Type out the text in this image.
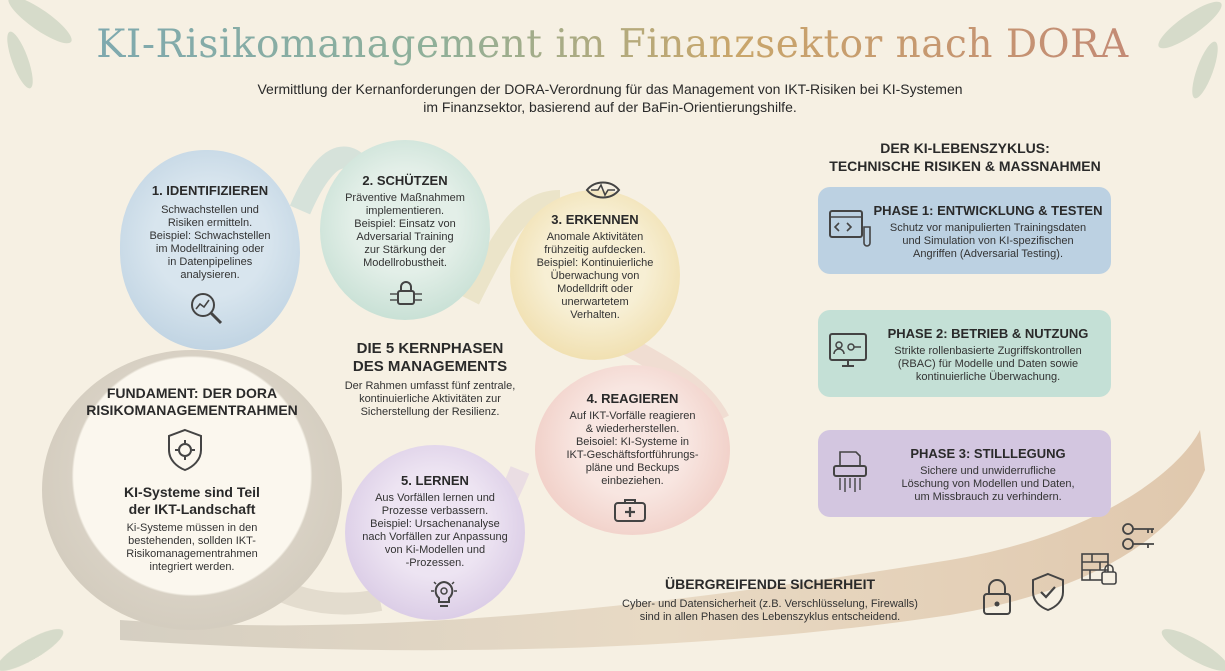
KI-Risikomanagement im Finanzsektor nach DORA
Vermittlung der Kernanforderungen der DORA-Verordnung für das Management von IKT-Risiken bei KI-Systemen
im Finanzsektor, basierend auf der BaFin-Orientierungshilfe.
FUNDAMENT: DER DORA
RISIKOMANAGEMENTRAHMEN
KI-Systeme sind Teil
der IKT-Landschaft
Ki-Systeme müssen in den
bestehenden, sollden IKT-
Risikomanagementrahmen
integriert werden.
1. IDENTIFIZIEREN
Schwachstellen und
Risiken ermitteln.
Beispiel: Schwachstellen
im Modelltraining oder
in Datenpipelines
analysieren.
2. SCHÜTZEN
Präventive Maßnahmem
implementieren.
Beispiel: Einsatz von
Adversarial Training
zur Stärkung der
Modellrobustheit.
3. ERKENNEN
Anomale Aktivitäten
frühzeitig aufdecken.
Beispiel: Kontinuierliche
Überwachung von
Modelldrift oder
unerwartetem
Verhalten.
4. REAGIEREN
Auf IKT-Vorfälle reagieren
& wiederherstellen.
Beisoiel: KI-Systeme in
IKT-Geschäftsfortführungs-
pläne und Beckups
einbeziehen.
5. LERNEN
Aus Vorfällen lernen und
Prozesse verbassern.
Beispiel: Ursachenanalyse
nach Vorfällen zur Anpassung
von Ki-Modellen und
-Prozessen.
DIE 5 KERNPHASEN
DES MANAGEMENTS
Der Rahmen umfasst fünf zentrale,
kontinuierliche Aktivitäten zur
Sicherstellung der Resilienz.
DER KI-LEBENSZYKLUS:
TECHNISCHE RISIKEN & MASSNAHMEN
PHASE 1: ENTWICKLUNG & TESTEN
Schutz vor manipulierten Trainingsdaten
und Simulation von KI-spezifischen
Angriffen (Adversarial Testing).
PHASE 2: BETRIEB & NUTZUNG
Strikte rollenbasierte Zugriffskontrollen
(RBAC) für Modelle und Daten sowie
kontinuierliche Überwachung.
PHASE 3: STILLLEGUNG
Sichere und unwiderrufliche
Löschung von Modellen und Daten,
um Missbrauch zu verhindern.
ÜBERGREIFENDE SICHERHEIT
Cyber- und Datensicherheit (z.B. Verschlüsselung, Firewalls)
sind in allen Phasen des Lebenszyklus entscheidend.
